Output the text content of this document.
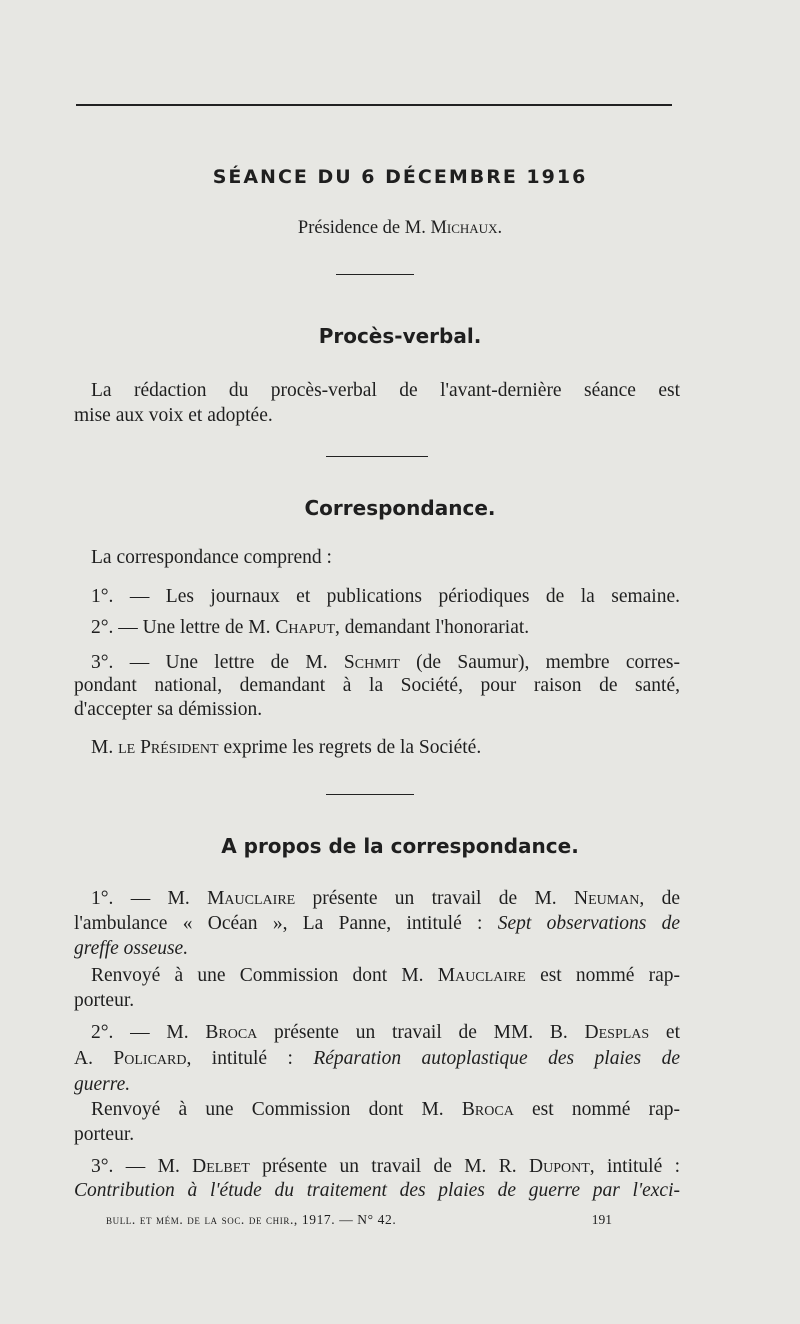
SÉANCE DU 6 DÉCEMBRE 1916
Présidence de M. Michaux.
Procès-verbal.
La rédaction du procès-verbal de l'avant-dernière séance est
mise aux voix et adoptée.
Correspondance.
La correspondance comprend :
1°. — Les journaux et publications périodiques de la semaine.
2°. — Une lettre de M. Chaput, demandant l'honorariat.
3°. — Une lettre de M. Schmit (de Saumur), membre corres-
pondant national, demandant à la Société, pour raison de santé,
d'accepter sa démission.
M. le Président exprime les regrets de la Société.
A propos de la correspondance.
1°. — M. Mauclaire présente un travail de M. Neuman, de
l'ambulance « Océan », La Panne, intitulé : Sept observations de
greffe osseuse.
Renvoyé à une Commission dont M. Mauclaire est nommé rap-
porteur.
2°. — M. Broca présente un travail de MM. B. Desplas et
A. Policard, intitulé : Réparation autoplastique des plaies de
guerre.
Renvoyé à une Commission dont M. Broca est nommé rap-
porteur.
3°. — M. Delbet présente un travail de M. R. Dupont, intitulé :
Contribution à l'étude du traitement des plaies de guerre par l'exci-
bull. et mém. de la soc. de chir., 1917. — N° 42.	191
